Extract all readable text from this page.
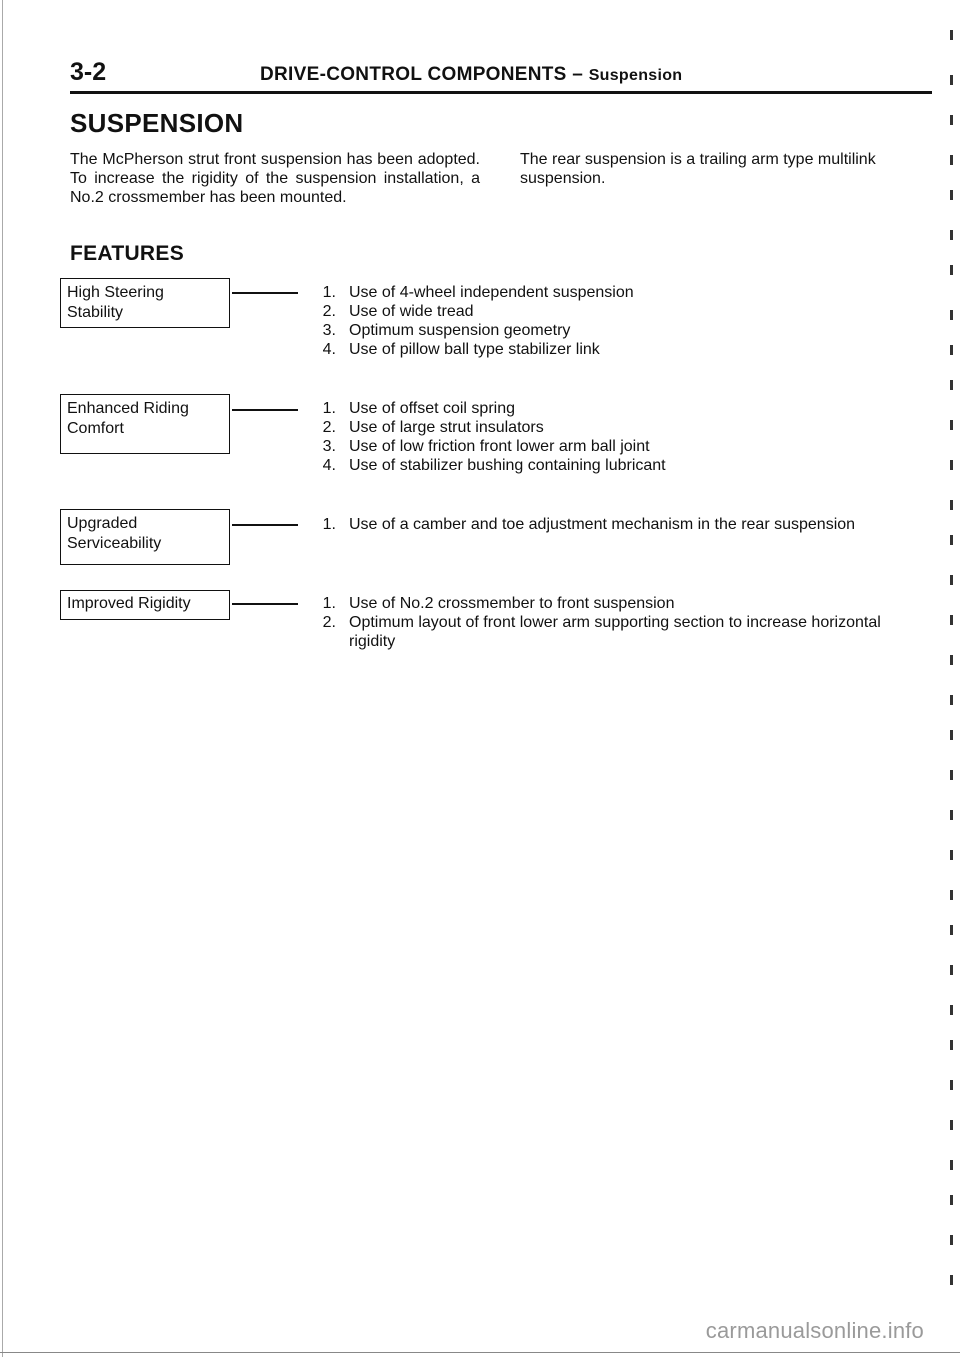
3-2	DRIVE-CONTROL COMPONENTS – Suspension
SUSPENSION
The McPherson strut front suspension has been adopted. To increase the rigidity of the suspension installation, a No.2 crossmember has been mounted.
The rear suspension is a trailing arm type multilink suspension.
FEATURES
High Steering
Stability
1. Use of 4-wheel independent suspension
2. Use of wide tread
3. Optimum suspension geometry
4. Use of pillow ball type stabilizer link
Enhanced Riding
Comfort
1. Use of offset coil spring
2. Use of large strut insulators
3. Use of low friction front lower arm ball joint
4. Use of stabilizer bushing containing lubricant
Upgraded
Serviceability
1. Use of a camber and toe adjustment mechanism in the rear suspension
Improved Rigidity	1. Use of No.2 crossmember to front suspension
2. Optimum layout of front lower arm supporting section to increase horizontal rigidity
carmanualsonline.info
